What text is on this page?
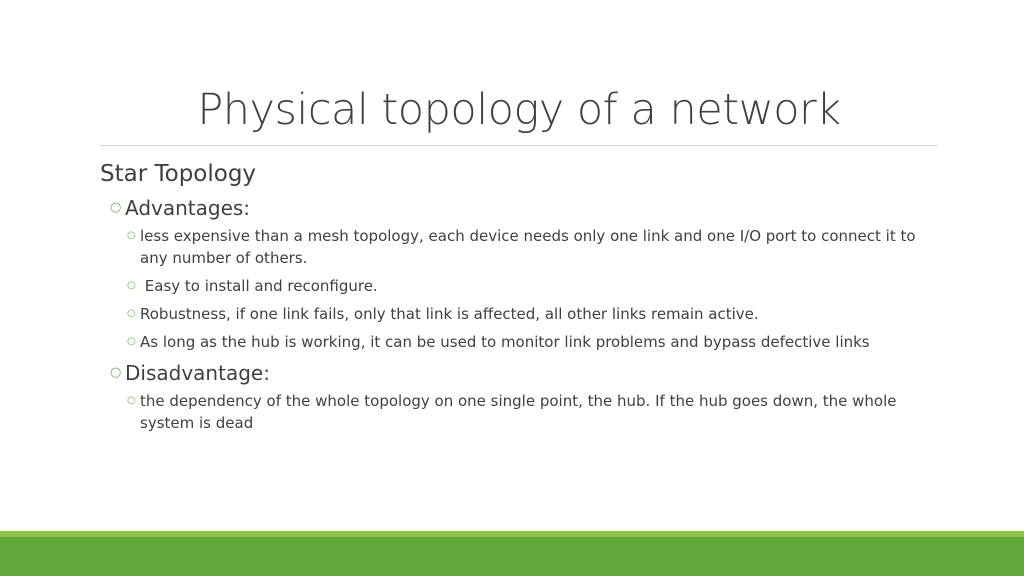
Physical topology of a network
Star Topology
○ Advantages:
○ less expensive than a mesh topology, each device needs only one link and one I/O port to connect it to any number of others.
○ Easy to install and reconfigure.
○ Robustness, if one link fails, only that link is affected, all other links remain active.
○ As long as the hub is working, it can be used to monitor link problems and bypass defective links
○ Disadvantage:
○ the dependency of the whole topology on one single point, the hub. If the hub goes down, the whole system is dead
